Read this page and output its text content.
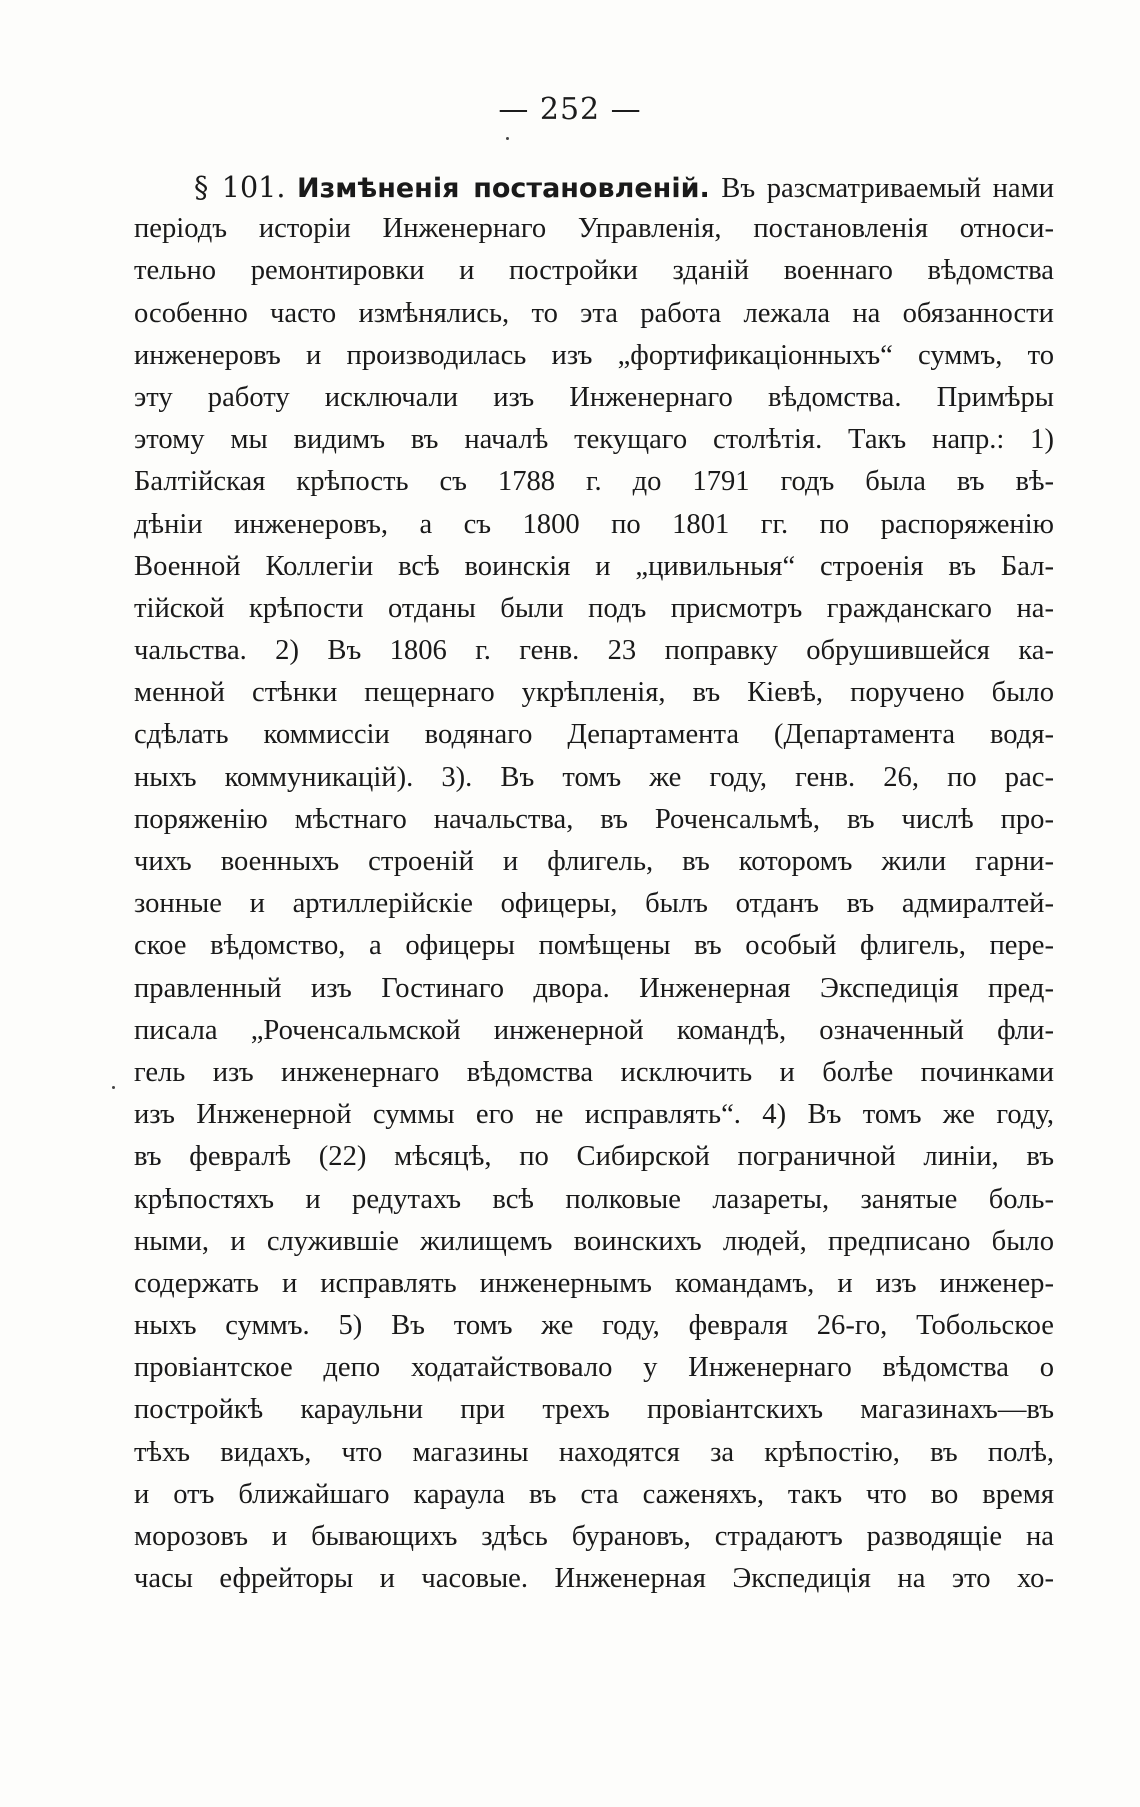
— 252 —
§ 101. Измѣненія постановленій. Въ разсматриваемый нами
періодъ исторіи Инженернаго Управленія, постановленія относи-
тельно ремонтировки и постройки зданій военнаго вѣдомства
особенно часто измѣнялись, то эта работа лежала на обязанности
инженеровъ и производилась изъ „фортификаціонныхъ“ суммъ, то
эту работу исключали изъ Инженернаго вѣдомства. Примѣры
этому мы видимъ въ началѣ текущаго столѣтія. Такъ напр.: 1)
Балтійская крѣпость съ 1788 г. до 1791 годъ была въ вѣ-
дѣніи инженеровъ, а съ 1800 по 1801 гг. по распоряженію
Военной Коллегіи всѣ воинскія и „цивильныя“ строенія въ Бал-
тійской крѣпости отданы были подъ присмотръ гражданскаго на-
чальства. 2) Въ 1806 г. генв. 23 поправку обрушившейся ка-
менной стѣнки пещернаго укрѣпленія, въ Кіевѣ, поручено было
сдѣлать коммиссіи водянаго Департамента (Департамента водя-
ныхъ коммуникацій). 3). Въ томъ же году, генв. 26, по рас-
поряженію мѣстнаго начальства, въ Роченсальмѣ, въ числѣ про-
чихъ военныхъ строеній и флигель, въ которомъ жили гарни-
зонные и артиллерійскіе офицеры, былъ отданъ въ адмиралтей-
ское вѣдомство, а офицеры помѣщены въ особый флигель, пере-
правленный изъ Гостинаго двора. Инженерная Экспедиція пред-
писала „Роченсальмской инженерной командѣ, означенный фли-
гель изъ инженернаго вѣдомства исключить и болѣе починками
изъ Инженерной суммы его не исправлять“. 4) Въ томъ же году,
въ февралѣ (22) мѣсяцѣ, по Сибирской пограничной линіи, въ
крѣпостяхъ и редутахъ всѣ полковые лазареты, занятые боль-
ными, и служившіе жилищемъ воинскихъ людей, предписано было
содержать и исправлять инженернымъ командамъ, и изъ инженер-
ныхъ суммъ. 5) Въ томъ же году, февраля 26-го, Тобольское
провіантское депо ходатайствовало у Инженернаго вѣдомства о
постройкѣ караульни при трехъ провіантскихъ магазинахъ—въ
тѣхъ видахъ, что магазины находятся за крѣпостію, въ полѣ,
и отъ ближайшаго караула въ ста саженяхъ, такъ что во время
морозовъ и бывающихъ здѣсь бурановъ, страдаютъ разводящіе на
часы ефрейторы и часовые. Инженерная Экспедиція на это хо-
